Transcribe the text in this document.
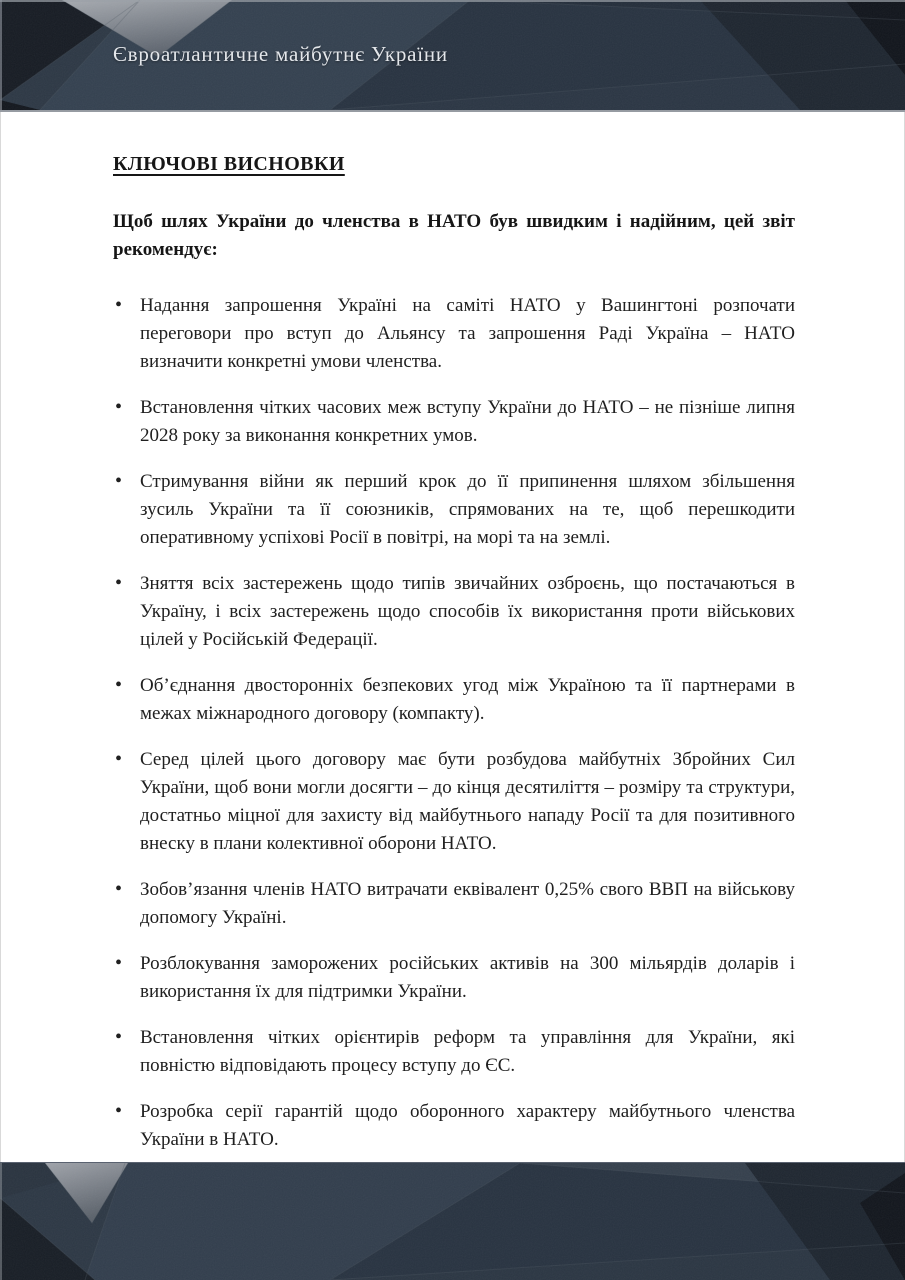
Євроатлантичне майбутнє України
КЛЮЧОВІ ВИСНОВКИ

Щоб шлях України до членства в НАТО був швидким і надійним, цей звіт рекомендує:

• Надання запрошення Україні на саміті НАТО у Вашингтоні розпочати переговори про вступ до Альянсу та запрошення Раді Україна – НАТО визначити конкретні умови членства.
• Встановлення чітких часових меж вступу України до НАТО – не пізніше липня 2028 року за виконання конкретних умов.
• Стримування війни як перший крок до її припинення шляхом збільшення зусиль України та її союзників, спрямованих на те, щоб перешкодити оперативному успіхові Росії в повітрі, на морі та на землі.
• Зняття всіх застережень щодо типів звичайних озброєнь, що постачаються в Україну, і всіх застережень щодо способів їх використання проти військових цілей у Російській Федерації.
• Об’єднання двосторонніх безпекових угод між Україною та її партнерами в межах міжнародного договору (компакту).
• Серед цілей цього договору має бути розбудова майбутніх Збройних Сил України, щоб вони могли досягти – до кінця десятиліття – розміру та структури, достатньо міцної для захисту від майбутнього нападу Росії та для позитивного внеску в плани колективної оборони НАТО.
• Зобов’язання членів НАТО витрачати еквівалент 0,25% свого ВВП на військову допомогу Україні.
• Розблокування заморожених російських активів на 300 мільярдів доларів і використання їх для підтримки України.
• Встановлення чітких орієнтирів реформ та управління для України, які повністю відповідають процесу вступу до ЄС.
• Розробка серії гарантій щодо оборонного характеру майбутнього членства України в НАТО.
